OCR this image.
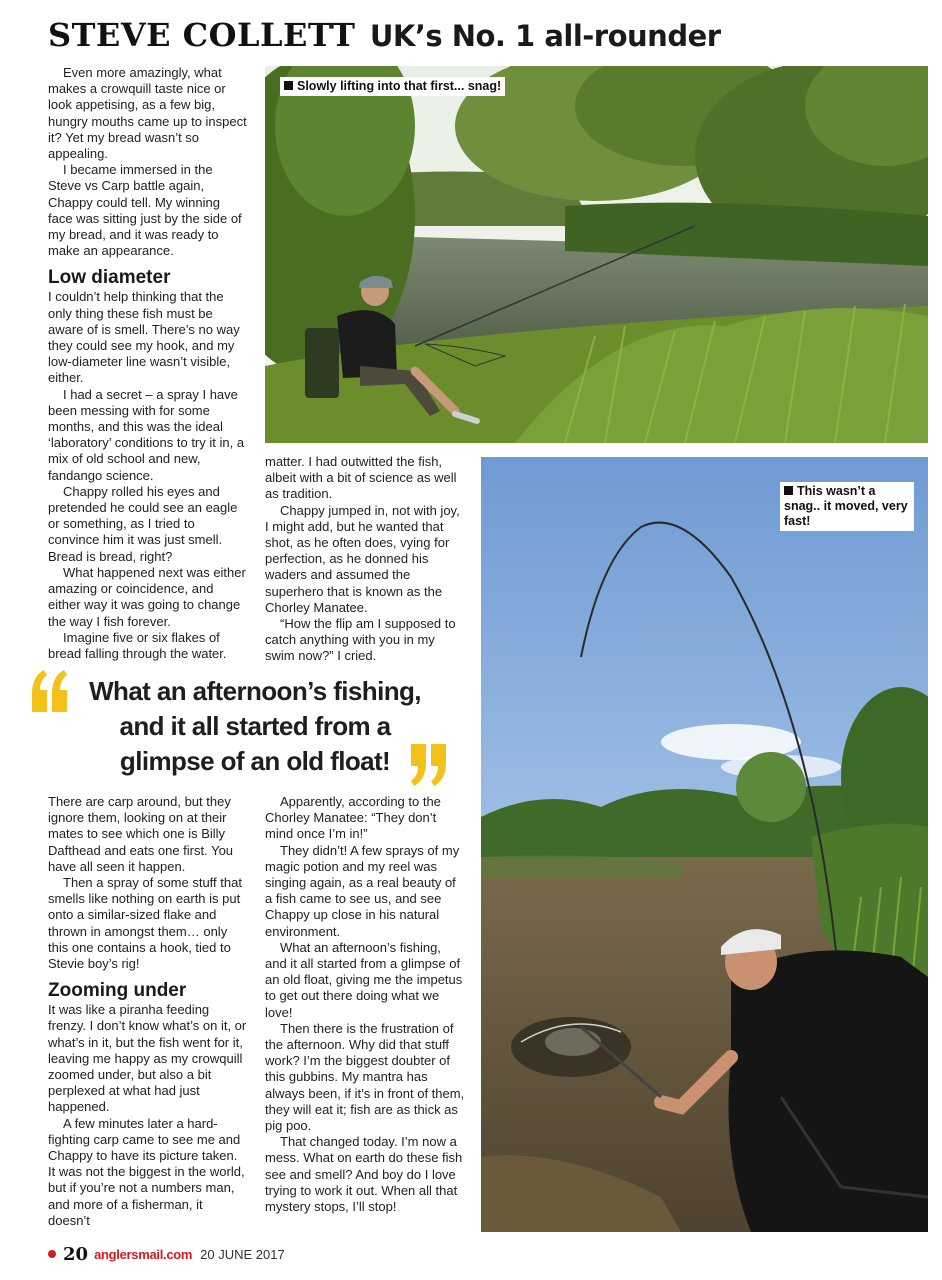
STEVE COLLETT UK’s No. 1 all-rounder

Even more amazingly, what makes a crowquill taste nice or look appetising, as a few big, hungry mouths came up to inspect it? Yet my bread wasn’t so appealing.

I became immersed in the Steve vs Carp battle again, Chappy could tell. My winning face was sitting just by the side of my bread, and it was ready to make an appearance.

Low diameter

I couldn’t help thinking that the only thing these fish must be aware of is smell. There’s no way they could see my hook, and my low-diameter line wasn’t visible, either.

I had a secret – a spray I have been messing with for some months, and this was the ideal ‘laboratory’ conditions to try it in, a mix of old school and new, fandango science.

Chappy rolled his eyes and pretended he could see an eagle or something, as I tried to convince him it was just smell. Bread is bread, right?

What happened next was either amazing or coincidence, and either way it was going to change the way I fish forever.

Imagine five or six flakes of bread falling through the water.

Slowly lifting into that first... snag!

matter. I had outwitted the fish, albeit with a bit of science as well as tradition.

Chappy jumped in, not with joy, I might add, but he wanted that shot, as he often does, vying for perfection, as he donned his waders and assumed the superhero that is known as the Chorley Manatee.

“How the flip am I supposed to catch anything with you in my swim now?” I cried.

What an afternoon’s fishing, and it all started from a glimpse of an old float!
This wasn’t a snag.. it moved, very fast!

There are carp around, but they ignore them, looking on at their mates to see which one is Billy Dafthead and eats one first. You have all seen it happen.

Then a spray of some stuff that smells like nothing on earth is put onto a similar-sized flake and thrown in amongst them… only this one contains a hook, tied to Stevie boy’s rig!

Zooming under

It was like a piranha feeding frenzy. I don’t know what’s on it, or what’s in it, but the fish went for it, leaving me happy as my crowquill zoomed under, but also a bit perplexed at what had just happened.

A few minutes later a hard-fighting carp came to see me and Chappy to have its picture taken. It was not the biggest in the world, but if you’re not a numbers man, and more of a fisherman, it doesn’t

Apparently, according to the Chorley Manatee: “They don’t mind once I’m in!”

They didn’t! A few sprays of my magic potion and my reel was singing again, as a real beauty of a fish came to see us, and see Chappy up close in his natural environment.

What an afternoon’s fishing, and it all started from a glimpse of an old float, giving me the impetus to get out there doing what we love!

Then there is the frustration of the afternoon. Why did that stuff work? I’m the biggest doubter of this gubbins. My mantra has always been, if it’s in front of them, they will eat it; fish are as thick as pig poo.

That changed today. I’m now a mess. What on earth do these fish see and smell? And boy do I love trying to work it out. When all that mystery stops, I’ll stop!

20 anglersmail.com 20 JUNE 2017
